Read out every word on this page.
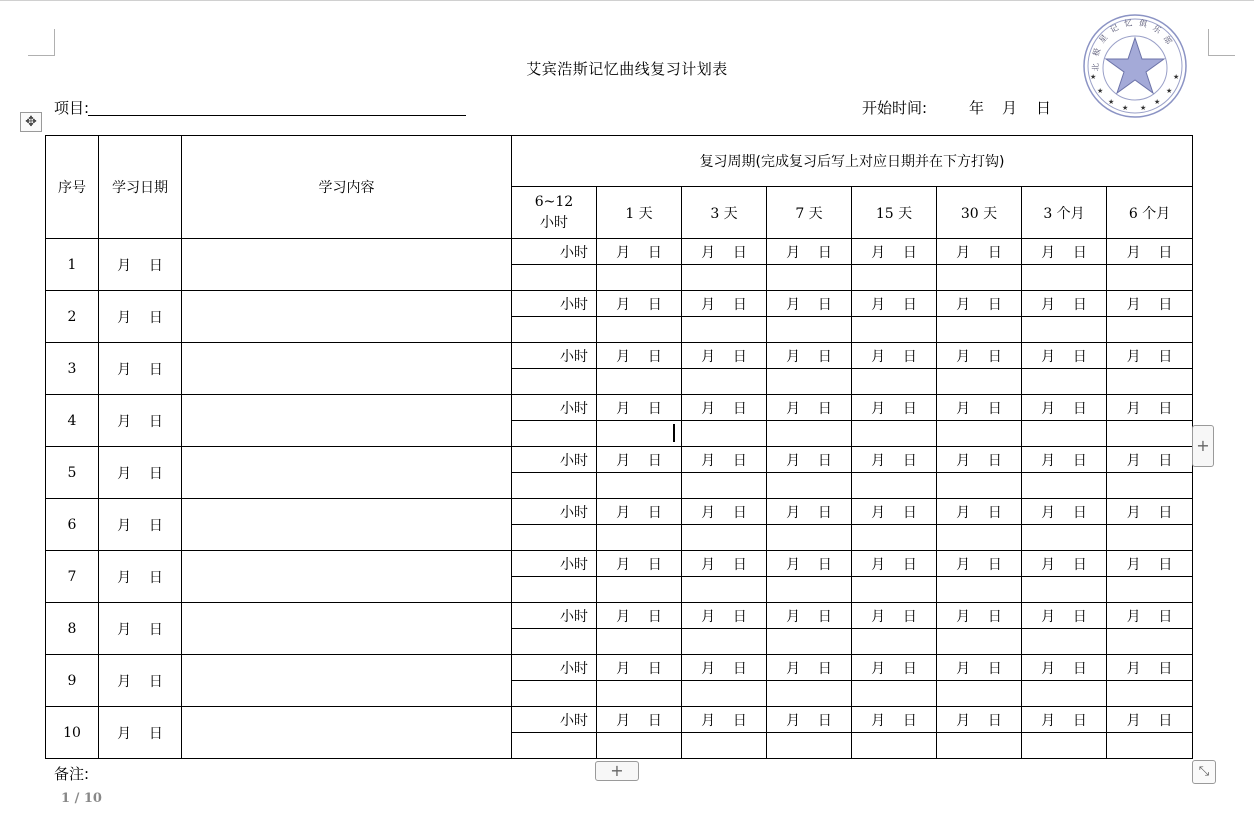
艾宾浩斯记忆曲线复习计划表
项目:	开始时间:	年 月 日
北极星记忆俱乐部
★
★
★
★ ★
★
★
★
✥
序号	学习日期	学习内容	复习周期(完成复习后写上对应日期并在下方打钩)							
			6~12
小时	1 天	3 天	7 天	15 天	30 天	3 个月	6 个月
1	月    日		小时	月    日	月    日	月    日	月    日	月    日	月    日	月    日

2	月    日		小时	月    日	月    日	月    日	月    日	月    日	月    日	月    日

3	月    日		小时	月    日	月    日	月    日	月    日	月    日	月    日	月    日

4	月    日		小时	月    日	月    日	月    日	月    日	月    日	月    日	月    日

5	月    日		小时	月    日	月    日	月    日	月    日	月    日	月    日	月    日

6	月    日		小时	月    日	月    日	月    日	月    日	月    日	月    日	月    日

7	月    日		小时	月    日	月    日	月    日	月    日	月    日	月    日	月    日

8	月    日		小时	月    日	月    日	月    日	月    日	月    日	月    日	月    日

9	月    日		小时	月    日	月    日	月    日	月    日	月    日	月    日	月    日

10	月    日		小时	月    日	月    日	月    日	月    日	月    日	月    日	月    日

+
备注:	+	⤡
1 / 10
